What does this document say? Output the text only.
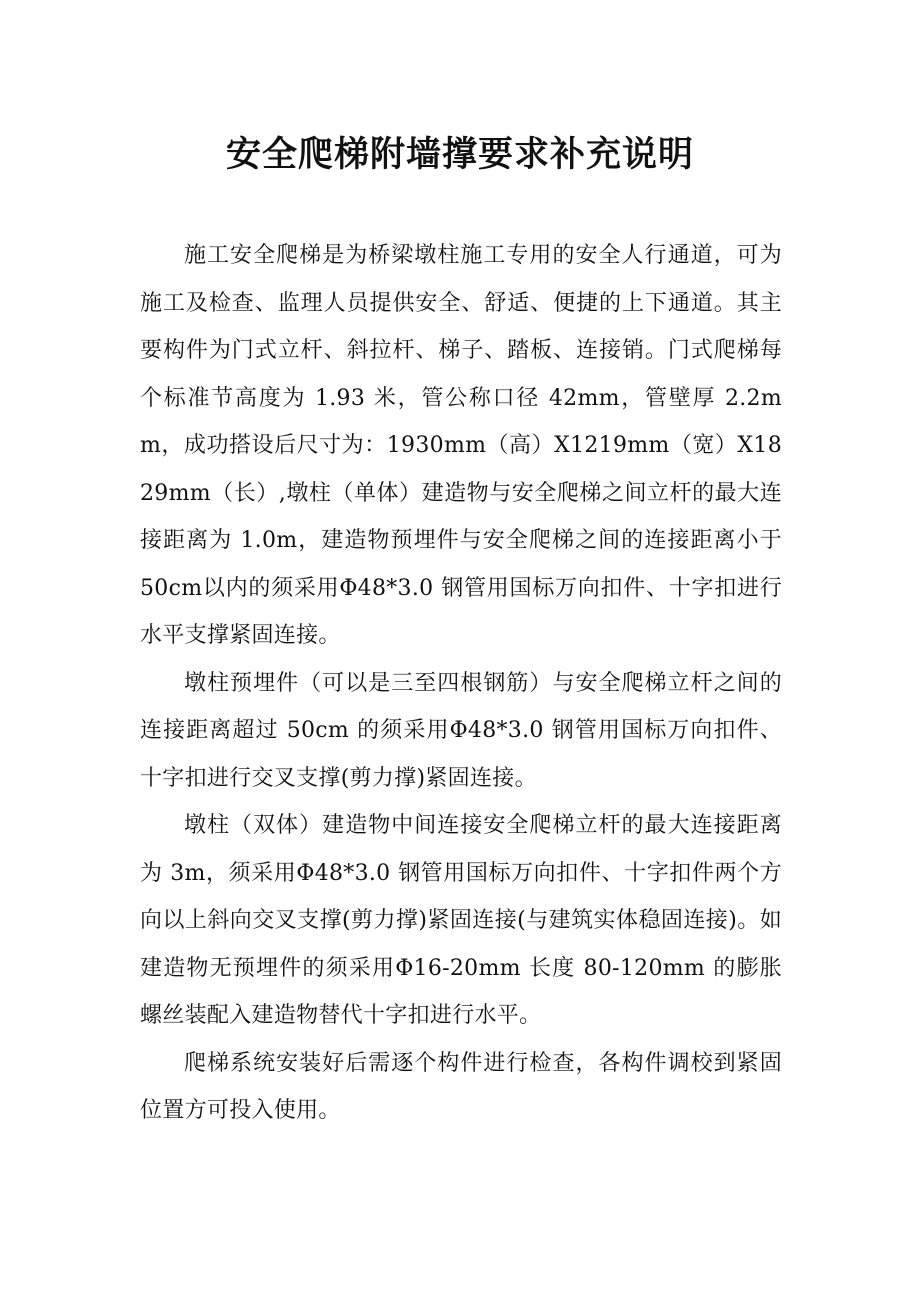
安全爬梯附墙撑要求补充说明

施工安全爬梯是为桥梁墩柱施工专用的安全人行通道，可为施工及检查、监理人员提供安全、舒适、便捷的上下通道。其主要构件为门式立杆、斜拉杆、梯子、踏板、连接销。门式爬梯每个标准节高度为 1.93 米，管公称口径 42mm，管壁厚 2.2mm，成功搭设后尺寸为：1930mm（高）X1219mm（宽）X1829mm（长）,墩柱（单体）建造物与安全爬梯之间立杆的最大连接距离为 1.0m，建造物预埋件与安全爬梯之间的连接距离小于 50cm以内的须采用Φ48*3.0 钢管用国标万向扣件、十字扣进行水平支撑紧固连接。

墩柱预埋件（可以是三至四根钢筋）与安全爬梯立杆之间的连接距离超过 50cm 的须采用Φ48*3.0 钢管用国标万向扣件、十字扣进行交叉支撑(剪力撑)紧固连接。

墩柱（双体）建造物中间连接安全爬梯立杆的最大连接距离为 3m，须采用Φ48*3.0 钢管用国标万向扣件、十字扣件两个方向以上斜向交叉支撑(剪力撑)紧固连接(与建筑实体稳固连接)。如建造物无预埋件的须采用Φ16-20mm 长度 80-120mm 的膨胀螺丝装配入建造物替代十字扣进行水平。

爬梯系统安装好后需逐个构件进行检查，各构件调校到紧固位置方可投入使用。
